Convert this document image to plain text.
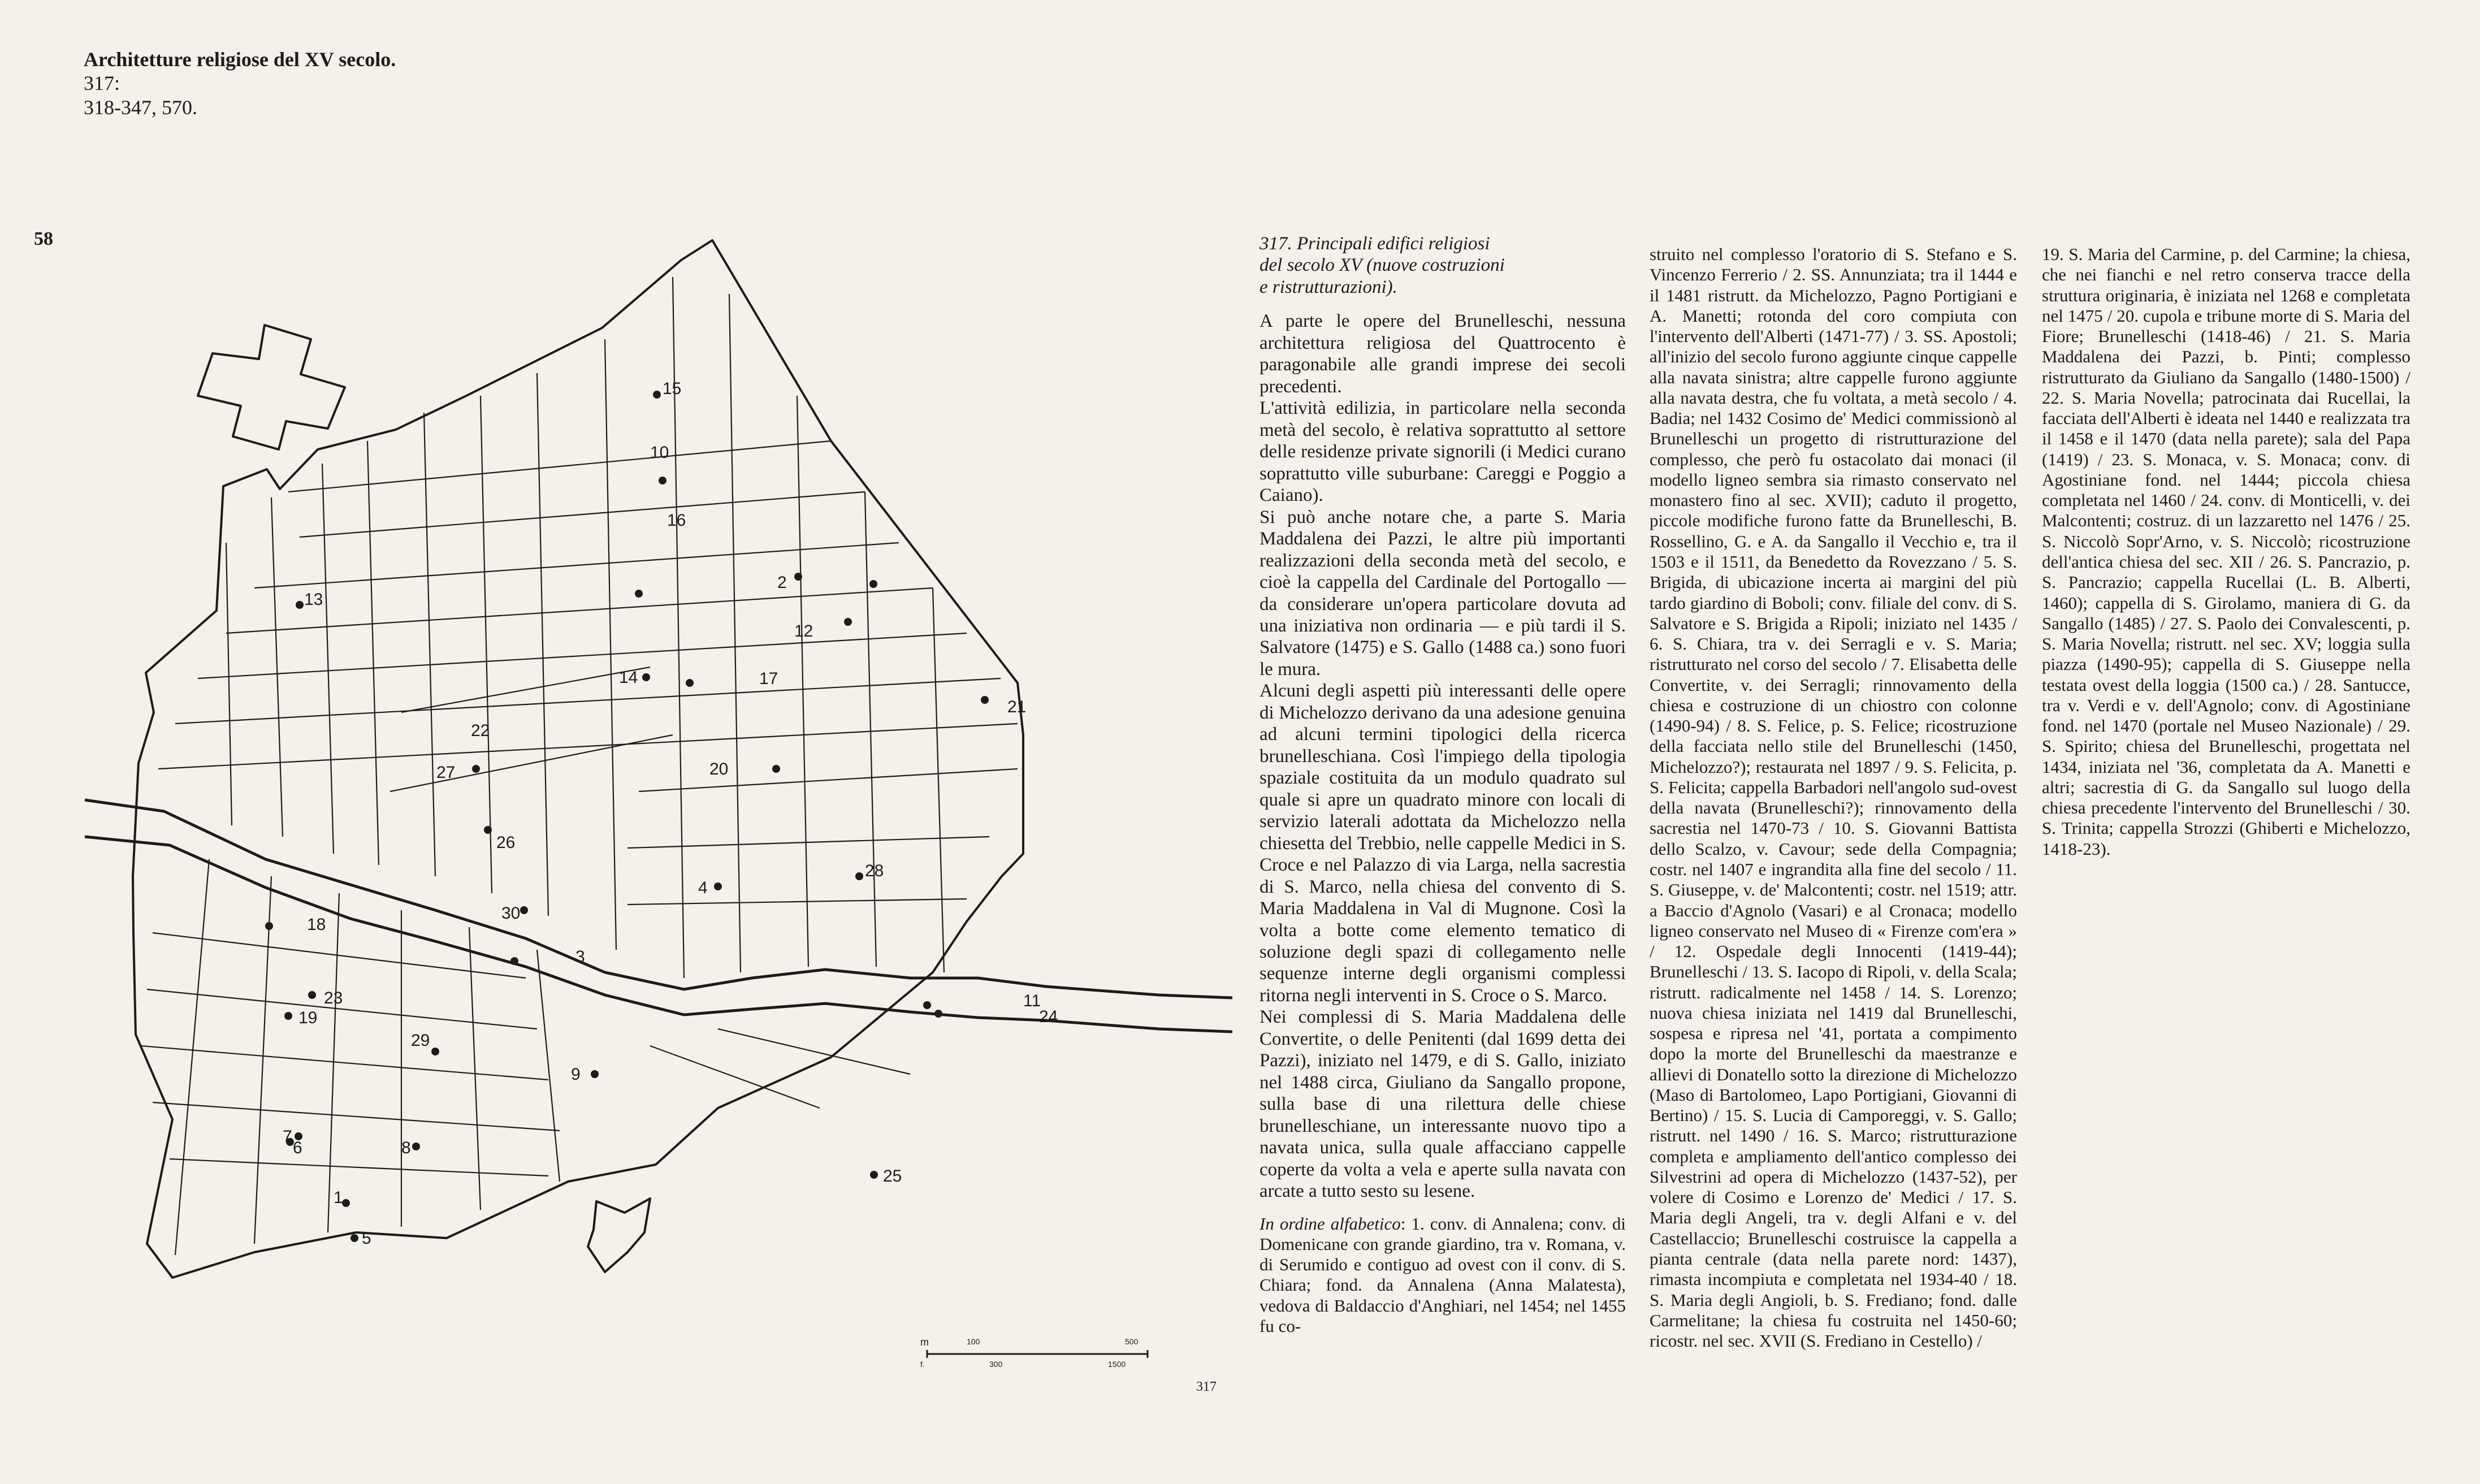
Architetture religiose del XV secolo.
317:
318-347, 570.
58
15
10
16
13
2
12
17
14
22
21
27	20
26
28
4
30
18
3
23
19
11
24
29
9
7
6	8
25
1
5
m	100	500
300	1500
f.
317

317. Principali edifici religiosi
del secolo XV (nuove costruzioni
e ristrutturazioni).

A parte le opere del Brunelleschi, nessuna architettura religiosa del Quattrocento è paragonabile alle grandi imprese dei secoli precedenti.

L'attività edilizia, in particolare nella seconda metà del secolo, è relativa soprattutto al settore delle residenze private signorili (i Medici curano soprattutto ville suburbane: Careggi e Poggio a Caiano).

Si può anche notare che, a parte S. Maria Maddalena dei Pazzi, le altre più importanti realizzazioni della seconda metà del secolo, e cioè la cappella del Cardinale del Portogallo — da considerare un'opera particolare dovuta ad una iniziativa non ordinaria — e più tardi il S. Salvatore (1475) e S. Gallo (1488 ca.) sono fuori le mura.

Alcuni degli aspetti più interessanti delle opere di Michelozzo derivano da una adesione genuina ad alcuni termini tipologici della ricerca brunelleschiana. Così l'impiego della tipologia spaziale costituita da un modulo quadrato sul quale si apre un quadrato minore con locali di servizio laterali adottata da Michelozzo nella chiesetta del Trebbio, nelle cappelle Medici in S. Croce e nel Palazzo di via Larga, nella sacrestia di S. Marco, nella chiesa del convento di S. Maria Maddalena in Val di Mugnone. Così la volta a botte come elemento tematico di soluzione degli spazi di collegamento nelle sequenze interne degli organismi complessi ritorna negli interventi in S. Croce o S. Marco.

Nei complessi di S. Maria Maddalena delle Convertite, o delle Penitenti (dal 1699 detta dei Pazzi), iniziato nel 1479, e di S. Gallo, iniziato nel 1488 circa, Giuliano da Sangallo propone, sulla base di una rilettura delle chiese brunelleschiane, un interessante nuovo tipo a navata unica, sulla quale affacciano cappelle coperte da volta a vela e aperte sulla navata con arcate a tutto sesto su lesene.

In ordine alfabetico: 1. conv. di Annalena; conv. di Domenicane con grande giardino, tra v. Romana, v. di Serumido e contiguo ad ovest con il conv. di S. Chiara; fond. da Annalena (Anna Malatesta), vedova di Baldaccio d'Anghiari, nel 1454; nel 1455 fu co-

struito nel complesso l'oratorio di S. Stefano e S. Vincenzo Ferrerio / 2. SS. Annunziata; tra il 1444 e il 1481 ristrutt. da Michelozzo, Pagno Portigiani e A. Manetti; rotonda del coro compiuta con l'intervento dell'Alberti (1471-77) / 3. SS. Apostoli; all'inizio del secolo furono aggiunte cinque cappelle alla navata sinistra; altre cappelle furono aggiunte alla navata destra, che fu voltata, a metà secolo / 4. Badia; nel 1432 Cosimo de' Medici commissionò al Brunelleschi un progetto di ristrutturazione del complesso, che però fu ostacolato dai monaci (il modello ligneo sembra sia rimasto conservato nel monastero fino al sec. XVII); caduto il progetto, piccole modifiche furono fatte da Brunelleschi, B. Rossellino, G. e A. da Sangallo il Vecchio e, tra il 1503 e il 1511, da Benedetto da Rovezzano / 5. S. Brigida, di ubicazione incerta ai margini del più tardo giardino di Boboli; conv. filiale del conv. di S. Salvatore e S. Brigida a Ripoli; iniziato nel 1435 / 6. S. Chiara, tra v. dei Serragli e v. S. Maria; ristrutturato nel corso del secolo / 7. Elisabetta delle Convertite, v. dei Serragli; rinnovamento della chiesa e costruzione di un chiostro con colonne (1490-94) / 8. S. Felice, p. S. Felice; ricostruzione della facciata nello stile del Brunelleschi (1450, Michelozzo?); restaurata nel 1897 / 9. S. Felicita, p. S. Felicita; cappella Barbadori nell'angolo sud-ovest della navata (Brunelleschi?); rinnovamento della sacrestia nel 1470-73 / 10. S. Giovanni Battista dello Scalzo, v. Cavour; sede della Compagnia; costr. nel 1407 e ingrandita alla fine del secolo / 11. S. Giuseppe, v. de' Malcontenti; costr. nel 1519; attr. a Baccio d'Agnolo (Vasari) e al Cronaca; modello ligneo conservato nel Museo di « Firenze com'era » / 12. Ospedale degli Innocenti (1419-44); Brunelleschi / 13. S. Iacopo di Ripoli, v. della Scala; ristrutt. radicalmente nel 1458 / 14. S. Lorenzo; nuova chiesa iniziata nel 1419 dal Brunelleschi, sospesa e ripresa nel '41, portata a compimento dopo la morte del Brunelleschi da maestranze e allievi di Donatello sotto la direzione di Michelozzo (Maso di Bartolomeo, Lapo Portigiani, Giovanni di Bertino) / 15. S. Lucia di Camporeggi, v. S. Gallo; ristrutt. nel 1490 / 16. S. Marco; ristrutturazione completa e ampliamento dell'antico complesso dei Silvestrini ad opera di Michelozzo (1437-52), per volere di Cosimo e Lorenzo de' Medici / 17. S. Maria degli Angeli, tra v. degli Alfani e v. del Castellaccio; Brunelleschi costruisce la cappella a pianta centrale (data nella parete nord: 1437), rimasta incompiuta e completata nel 1934-40 / 18. S. Maria degli Angioli, b. S. Frediano; fond. dalle Carmelitane; la chiesa fu costruita nel 1450-60; ricostr. nel sec. XVII (S. Frediano in Cestello) /
19. S. Maria del Carmine, p. del Carmine; la chiesa, che nei fianchi e nel retro conserva tracce della struttura originaria, è iniziata nel 1268 e completata nel 1475 / 20. cupola e tribune morte di S. Maria del Fiore; Brunelleschi (1418-46) / 21. S. Maria Maddalena dei Pazzi, b. Pinti; complesso ristrutturato da Giuliano da Sangallo (1480-1500) / 22. S. Maria Novella; patrocinata dai Rucellai, la facciata dell'Alberti è ideata nel 1440 e realizzata tra il 1458 e il 1470 (data nella parete); sala del Papa (1419) / 23. S. Monaca, v. S. Monaca; conv. di Agostiniane fond. nel 1444; piccola chiesa completata nel 1460 / 24. conv. di Monticelli, v. dei Malcontenti; costruz. di un lazzaretto nel 1476 / 25. S. Niccolò Sopr'Arno, v. S. Niccolò; ricostruzione dell'antica chiesa del sec. XII / 26. S. Pancrazio, p. S. Pancrazio; cappella Rucellai (L. B. Alberti, 1460); cappella di S. Girolamo, maniera di G. da Sangallo (1485) / 27. S. Paolo dei Convalescenti, p. S. Maria Novella; ristrutt. nel sec. XV; loggia sulla piazza (1490-95); cappella di S. Giuseppe nella testata ovest della loggia (1500 ca.) / 28. Santucce, tra v. Verdi e v. dell'Agnolo; conv. di Agostiniane fond. nel 1470 (portale nel Museo Nazionale) / 29. S. Spirito; chiesa del Brunelleschi, progettata nel 1434, iniziata nel '36, completata da A. Manetti e altri; sacrestia di G. da Sangallo sul luogo della chiesa precedente l'intervento del Brunelleschi / 30. S. Trinita; cappella Strozzi (Ghiberti e Michelozzo, 1418-23).
